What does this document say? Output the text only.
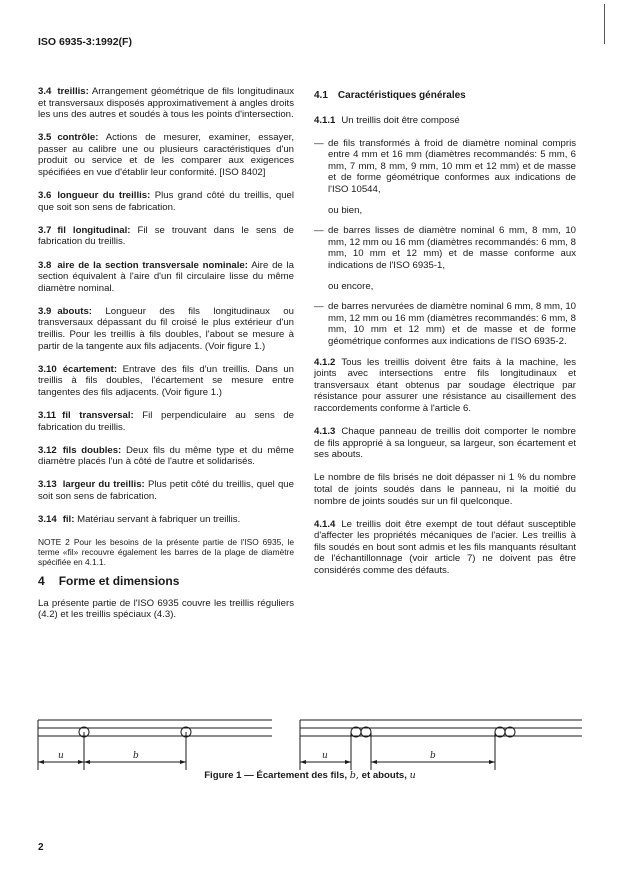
ISO 6935-3:1992(F)

3.4 treillis: Arrangement géométrique de fils longitudinaux et transversaux disposés approximativement à angles droits les uns des autres et soudés à tous les points d'intersection.

3.5 contrôle: Actions de mesurer, examiner, essayer, passer au calibre une ou plusieurs caractéristiques d'un produit ou service et de les comparer aux exigences spécifiées en vue d'établir leur conformité. [ISO 8402]

3.6 longueur du treillis: Plus grand côté du treillis, quel que soit son sens de fabrication.

3.7 fil longitudinal: Fil se trouvant dans le sens de fabrication du treillis.

3.8 aire de la section transversale nominale: Aire de la section équivalent à l'aire d'un fil circulaire lisse du même diamètre nominal.

3.9 abouts: Longueur des fils longitudinaux ou transversaux dépassant du fil croisé le plus extérieur d'un treillis. Pour les treillis à fils doubles, l'about se mesure à partir de la tangente aux fils adjacents. (Voir figure 1.)

3.10 écartement: Entrave des fils d'un treillis. Dans un treillis à fils doubles, l'écartement se mesure entre tangentes des fils adjacents. (Voir figure 1.)

3.11 fil transversal: Fil perpendiculaire au sens de fabrication du treillis.

3.12 fils doubles: Deux fils du même type et du même diamètre placés l'un à côté de l'autre et solidarisés.

3.13 largeur du treillis: Plus petit côté du treillis, quel que soit son sens de fabrication.

3.14 fil: Matériau servant à fabriquer un treillis.

NOTE 2 Pour les besoins de la présente partie de l'ISO 6935, le terme «fil» recouvre également les barres de la plage de diamètre spécifiée en 4.1.1.

4 Forme et dimensions

La présente partie de l'ISO 6935 couvre les treillis réguliers (4.2) et les treillis spéciaux (4.3).

4.1 Caractéristiques générales

4.1.1 Un treillis doit être composé

— de fils transformés à froid de diamètre nominal compris entre 4 mm et 16 mm (diamètres recommandés: 5 mm, 6 mm, 7 mm, 8 mm, 9 mm, 10 mm et 12 mm) et de masse et de forme géométrique conformes aux indications de l'ISO 10544,
ou bien,
— de barres lisses de diamètre nominal 6 mm, 8 mm, 10 mm, 12 mm ou 16 mm (diamètres recommandés: 6 mm, 8 mm, 10 mm et 12 mm) et de masse conforme aux indications de l'ISO 6935-1,
ou encore,
— de barres nervurées de diamètre nominal 6 mm, 8 mm, 10 mm, 12 mm ou 16 mm (diamètres recommandés: 6 mm, 8 mm, 10 mm et 12 mm) et de masse et de forme géométrique conformes aux indications de l'ISO 6935-2.

4.1.2 Tous les treillis doivent être faits à la machine, les joints avec intersections entre fils longitudinaux et transversaux étant obtenus par soudage électrique par résistance pour assurer une résistance au cisaillement des raccordements conforme à l'article 6.

4.1.3 Chaque panneau de treillis doit comporter le nombre de fils approprié à sa longueur, sa largeur, son écartement et ses abouts.

Le nombre de fils brisés ne doit dépasser ni 1 % du nombre total de joints soudés dans le panneau, ni la moitié du nombre de joints soudés sur un fil quelconque.

4.1.4 Le treillis doit être exempt de tout défaut susceptible d'affecter les propriétés mécaniques de l'acier. Les treillis à fils soudés en bout sont admis et les fils manquants résultant de l'échantillonnage (voir article 7) ne doivent pas être considérés comme des défauts.

u	b	u	b
Figure 1 — Écartement des fils, b, et abouts, u
2
